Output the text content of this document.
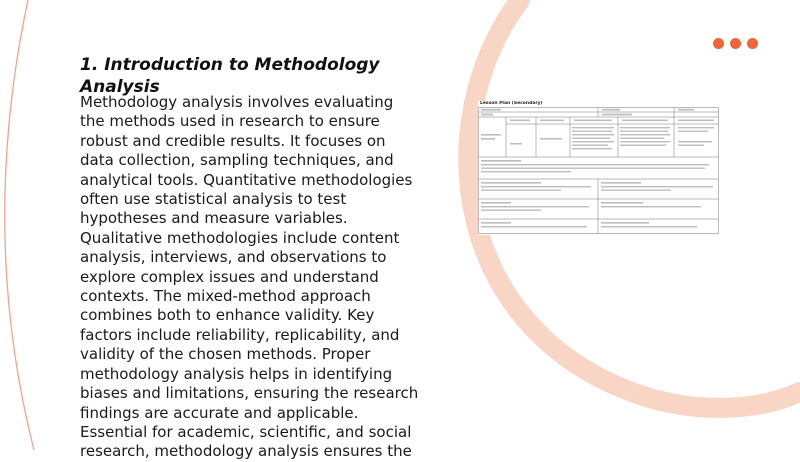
1. Introduction to Methodology Analysis

Methodology analysis involves evaluating the methods used in research to ensure robust and credible results. It focuses on data collection, sampling techniques, and analytical tools. Quantitative methodologies often use statistical analysis to test hypotheses and measure variables. Qualitative methodologies include content analysis, interviews, and observations to explore complex issues and understand contexts. The mixed-method approach combines both to enhance validity. Key factors include reliability, replicability, and validity of the chosen methods. Proper methodology analysis helps in identifying biases and limitations, ensuring the research findings are accurate and applicable. Essential for academic, scientific, and social research, methodology analysis ensures the

Lesson Plan (Secondary)
